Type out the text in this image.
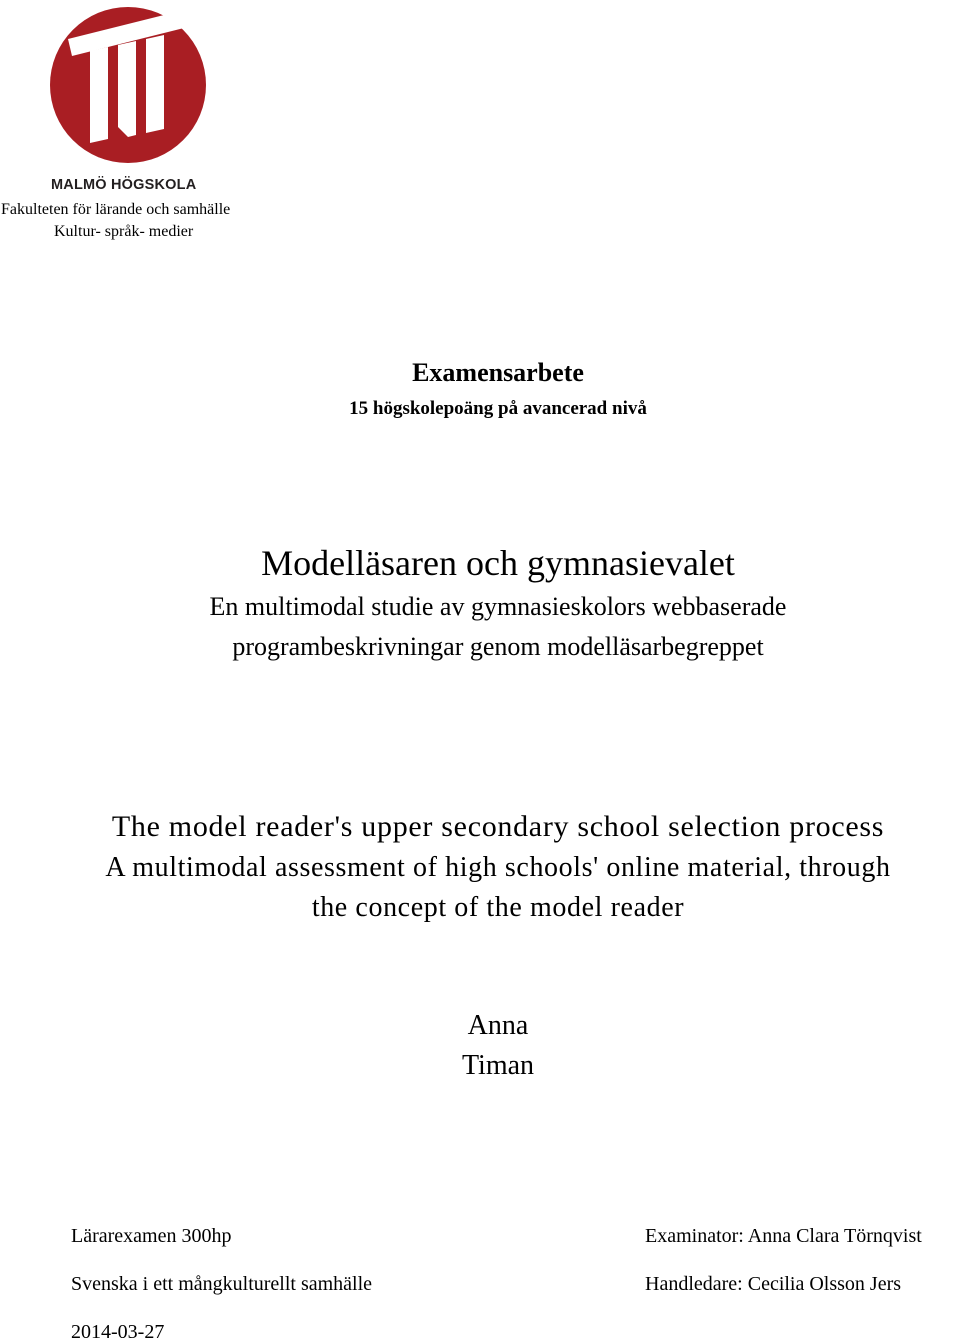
MALMÖ HÖGSKOLA
Fakulteten för lärande och samhälle
Kultur- språk- medier
Examensarbete
15 högskolepoäng på avancerad nivå
Modelläsaren och gymnasievalet
En multimodal studie av gymnasieskolors webbaserade
programbeskrivningar genom modelläsarbegreppet
The model reader's upper secondary school selection process
A multimodal assessment of high schools' online material, through
the concept of the model reader
Anna
Timan
Lärarexamen 300hp
Svenska i ett mångkulturellt samhälle
2014-03-27
Examinator: Anna Clara Törnqvist
Handledare: Cecilia Olsson Jers
